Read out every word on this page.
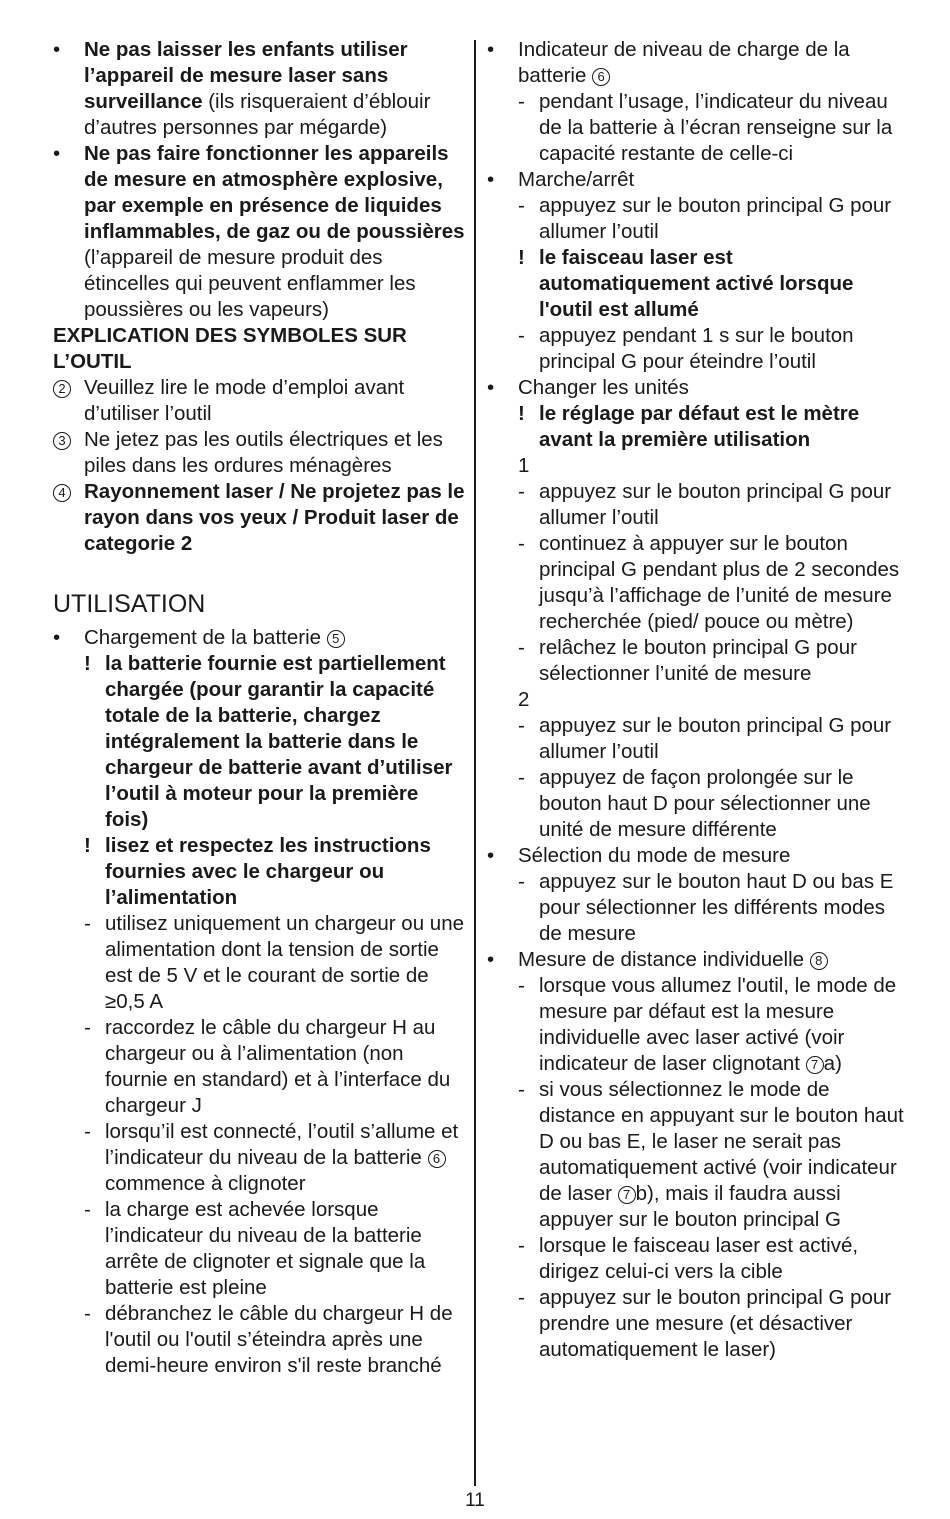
•	Ne pas laisser les enfants utiliser l’appareil de mesure laser sans surveillance (ils risqueraient d’éblouir d’autres personnes par mégarde)

•	Ne pas faire fonctionner les appareils de mesure en atmosphère explosive, par exemple en présence de liquides inflammables, de gaz ou de poussières (l’appareil de mesure produit des étincelles qui peuvent enflammer les poussières ou les vapeurs)

EXPLICATION DES SYMBOLES SUR L’OUTIL

2 Veuillez lire le mode d’emploi avant d’utiliser l’outil

3 Ne jetez pas les outils électriques et les piles dans les ordures ménagères

4 Rayonnement laser / Ne projetez pas le rayon dans vos yeux / Produit laser de categorie 2

UTILISATION

•	Chargement de la batterie 5

! la batterie fournie est partiellement chargée (pour garantir la capacité totale de la batterie, chargez intégralement la batterie dans le chargeur de batterie avant d’utiliser l’outil à moteur pour la première fois)

! lisez et respectez les instructions fournies avec le chargeur ou l’alimentation

- utilisez uniquement un chargeur ou une alimentation dont la tension de sortie est de 5 V et le courant de sortie de ≥0,5 A

- raccordez le câble du chargeur H au chargeur ou à l’alimentation (non fournie en standard) et à l’interface du chargeur J

- lorsqu’il est connecté, l’outil s’allume et l’indicateur du niveau de la batterie 6 commence à clignoter

- la charge est achevée lorsque l’indicateur du niveau de la batterie arrête de clignoter et signale que la batterie est pleine

- débranchez le câble du chargeur H de l'outil ou l'outil s’éteindra après une demi-heure environ s'il reste branché

•	Indicateur de niveau de charge de la batterie 6

- pendant l’usage, l’indicateur du niveau de la batterie à l’écran renseigne sur la capacité restante de celle-ci

•	Marche/arrêt

- appuyez sur le bouton principal G pour allumer l’outil

! le faisceau laser est automatiquement activé lorsque l'outil est allumé

- appuyez pendant 1 s sur le bouton principal G pour éteindre l’outil

•	Changer les unités

! le réglage par défaut est le mètre avant la première utilisation

1

- appuyez sur le bouton principal G pour allumer l’outil

- continuez à appuyer sur le bouton principal G pendant plus de 2 secondes jusqu’à l’affichage de l’unité de mesure recherchée (pied/ pouce ou mètre)

- relâchez le bouton principal G pour sélectionner l’unité de mesure

2

- appuyez sur le bouton principal G pour allumer l’outil

- appuyez de façon prolongée sur le bouton haut D pour sélectionner une unité de mesure différente

•	Sélection du mode de mesure

- appuyez sur le bouton haut D ou bas E pour sélectionner les différents modes de mesure

•	Mesure de distance individuelle 8

- lorsque vous allumez l'outil, le mode de mesure par défaut est la mesure individuelle avec laser activé (voir indicateur de laser clignotant 7 a)

- si vous sélectionnez le mode de distance en appuyant sur le bouton haut D ou bas E, le laser ne serait pas automatiquement activé (voir indicateur de laser 7 b), mais il faudra aussi appuyer sur le bouton principal G

- lorsque le faisceau laser est activé, dirigez celui-ci vers la cible

- appuyez sur le bouton principal G pour prendre une mesure (et désactiver automatiquement le laser)

11
